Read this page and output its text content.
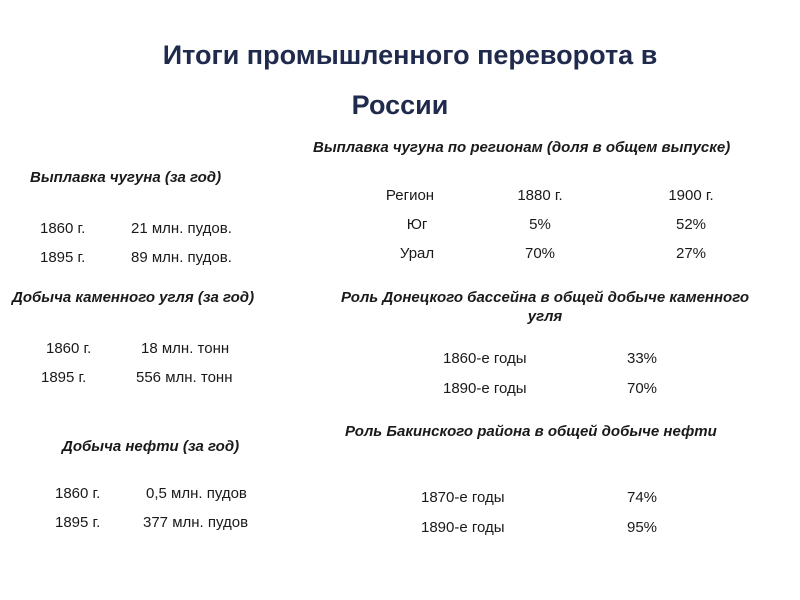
Итоги промышленного переворота в
России
Выплавка чугуна (за год)
1860 г.	21 млн. пудов.
1895 г.	89 млн. пудов.
Добыча каменного угля (за год)
1860 г.	18 млн. тонн
1895 г.	556 млн. тонн
Добыча нефти (за год)
1860 г.	0,5 млн. пудов
1895 г.	377 млн. пудов
Выплавка чугуна по регионам (доля в общем выпуске)
Регион	1880 г.	1900 г.
Юг	5%	52%
Урал	70%	27%
Роль Донецкого бассейна в общей добыче каменного угля
1860-е годы	33%
1890-е годы	70%
Роль Бакинского района в общей добыче нефти
1870-е годы	74%
1890-е годы	95%
